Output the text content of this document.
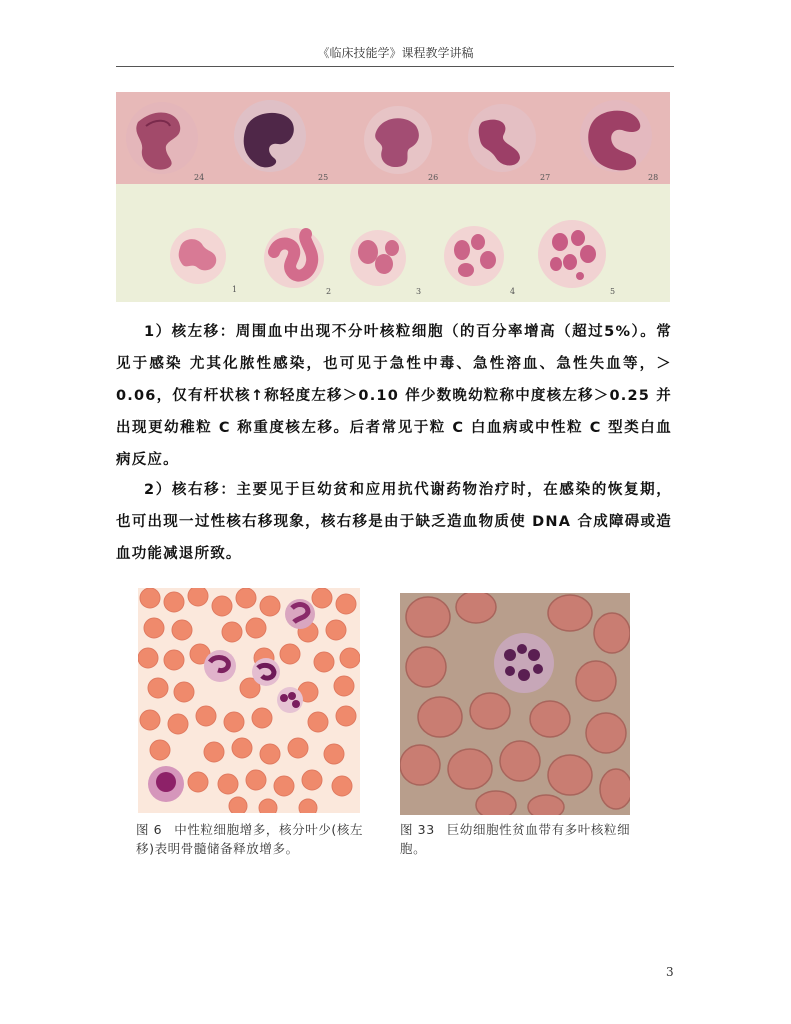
《临床技能学》课程教学讲稿
24	25	26	27	28
1	2	3	4	5

1）核左移：周围血中出现不分叶核粒细胞（的百分率增高（超过5%）。常见于感染 尤其化脓性感染，也可见于急性中毒、急性溶血、急性失血等，＞0.06，仅有杆状核↑称轻度左移＞0.10 伴少数晚幼粒称中度核左移＞0.25 并出现更幼稚粒 C 称重度核左移。后者常见于粒 C 白血病或中性粒 C 型类白血病反应。

2）核右移：主要见于巨幼贫和应用抗代谢药物治疗时，在感染的恢复期，也可出现一过性核右移现象，核右移是由于缺乏造血物质使 DNA 合成障碍或造血功能减退所致。

图 6 中性粒细胞增多，核分叶少(核左移)表明骨髓储备释放增多。
图 33 巨幼细胞性贫血带有多叶核粒细胞。
3
